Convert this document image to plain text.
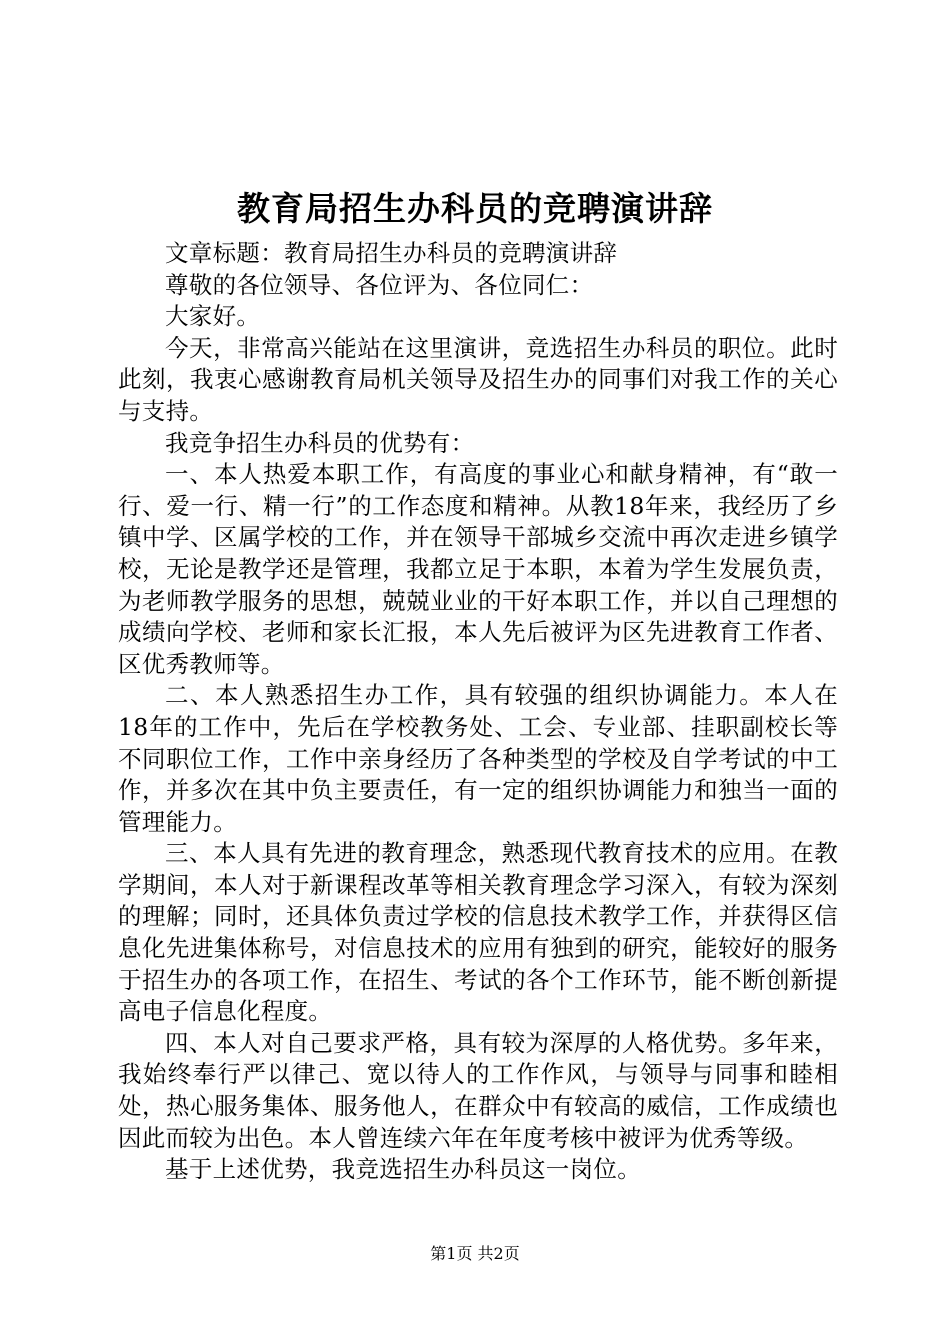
教育局招生办科员的竞聘演讲辞

文章标题：教育局招生办科员的竞聘演讲辞

尊敬的各位领导、各位评为、各位同仁：

大家好。

今天，非常高兴能站在这里演讲，竞选招生办科员的职位。此时此刻，我衷心感谢教育局机关领导及招生办的同事们对我工作的关心与支持。

我竞争招生办科员的优势有：

一、本人热爱本职工作，有高度的事业心和献身精神，有“敢一行、爱一行、精一行”的工作态度和精神。从教18年来，我经历了乡镇中学、区属学校的工作，并在领导干部城乡交流中再次走进乡镇学校，无论是教学还是管理，我都立足于本职，本着为学生发展负责，为老师教学服务的思想，兢兢业业的干好本职工作，并以自己理想的成绩向学校、老师和家长汇报，本人先后被评为区先进教育工作者、区优秀教师等。

二、本人熟悉招生办工作，具有较强的组织协调能力。本人在18年的工作中，先后在学校教务处、工会、专业部、挂职副校长等不同职位工作，工作中亲身经历了各种类型的学校及自学考试的中工作，并多次在其中负主要责任，有一定的组织协调能力和独当一面的管理能力。

三、本人具有先进的教育理念，熟悉现代教育技术的应用。在教学期间，本人对于新课程改革等相关教育理念学习深入，有较为深刻的理解；同时，还具体负责过学校的信息技术教学工作，并获得区信息化先进集体称号，对信息技术的应用有独到的研究，能较好的服务于招生办的各项工作，在招生、考试的各个工作环节，能不断创新提高电子信息化程度。

四、本人对自己要求严格，具有较为深厚的人格优势。多年来，我始终奉行严以律己、宽以待人的工作作风，与领导与同事和睦相处，热心服务集体、服务他人，在群众中有较高的威信，工作成绩也因此而较为出色。本人曾连续六年在年度考核中被评为优秀等级。

基于上述优势，我竞选招生办科员这一岗位。

第1页 共2页
